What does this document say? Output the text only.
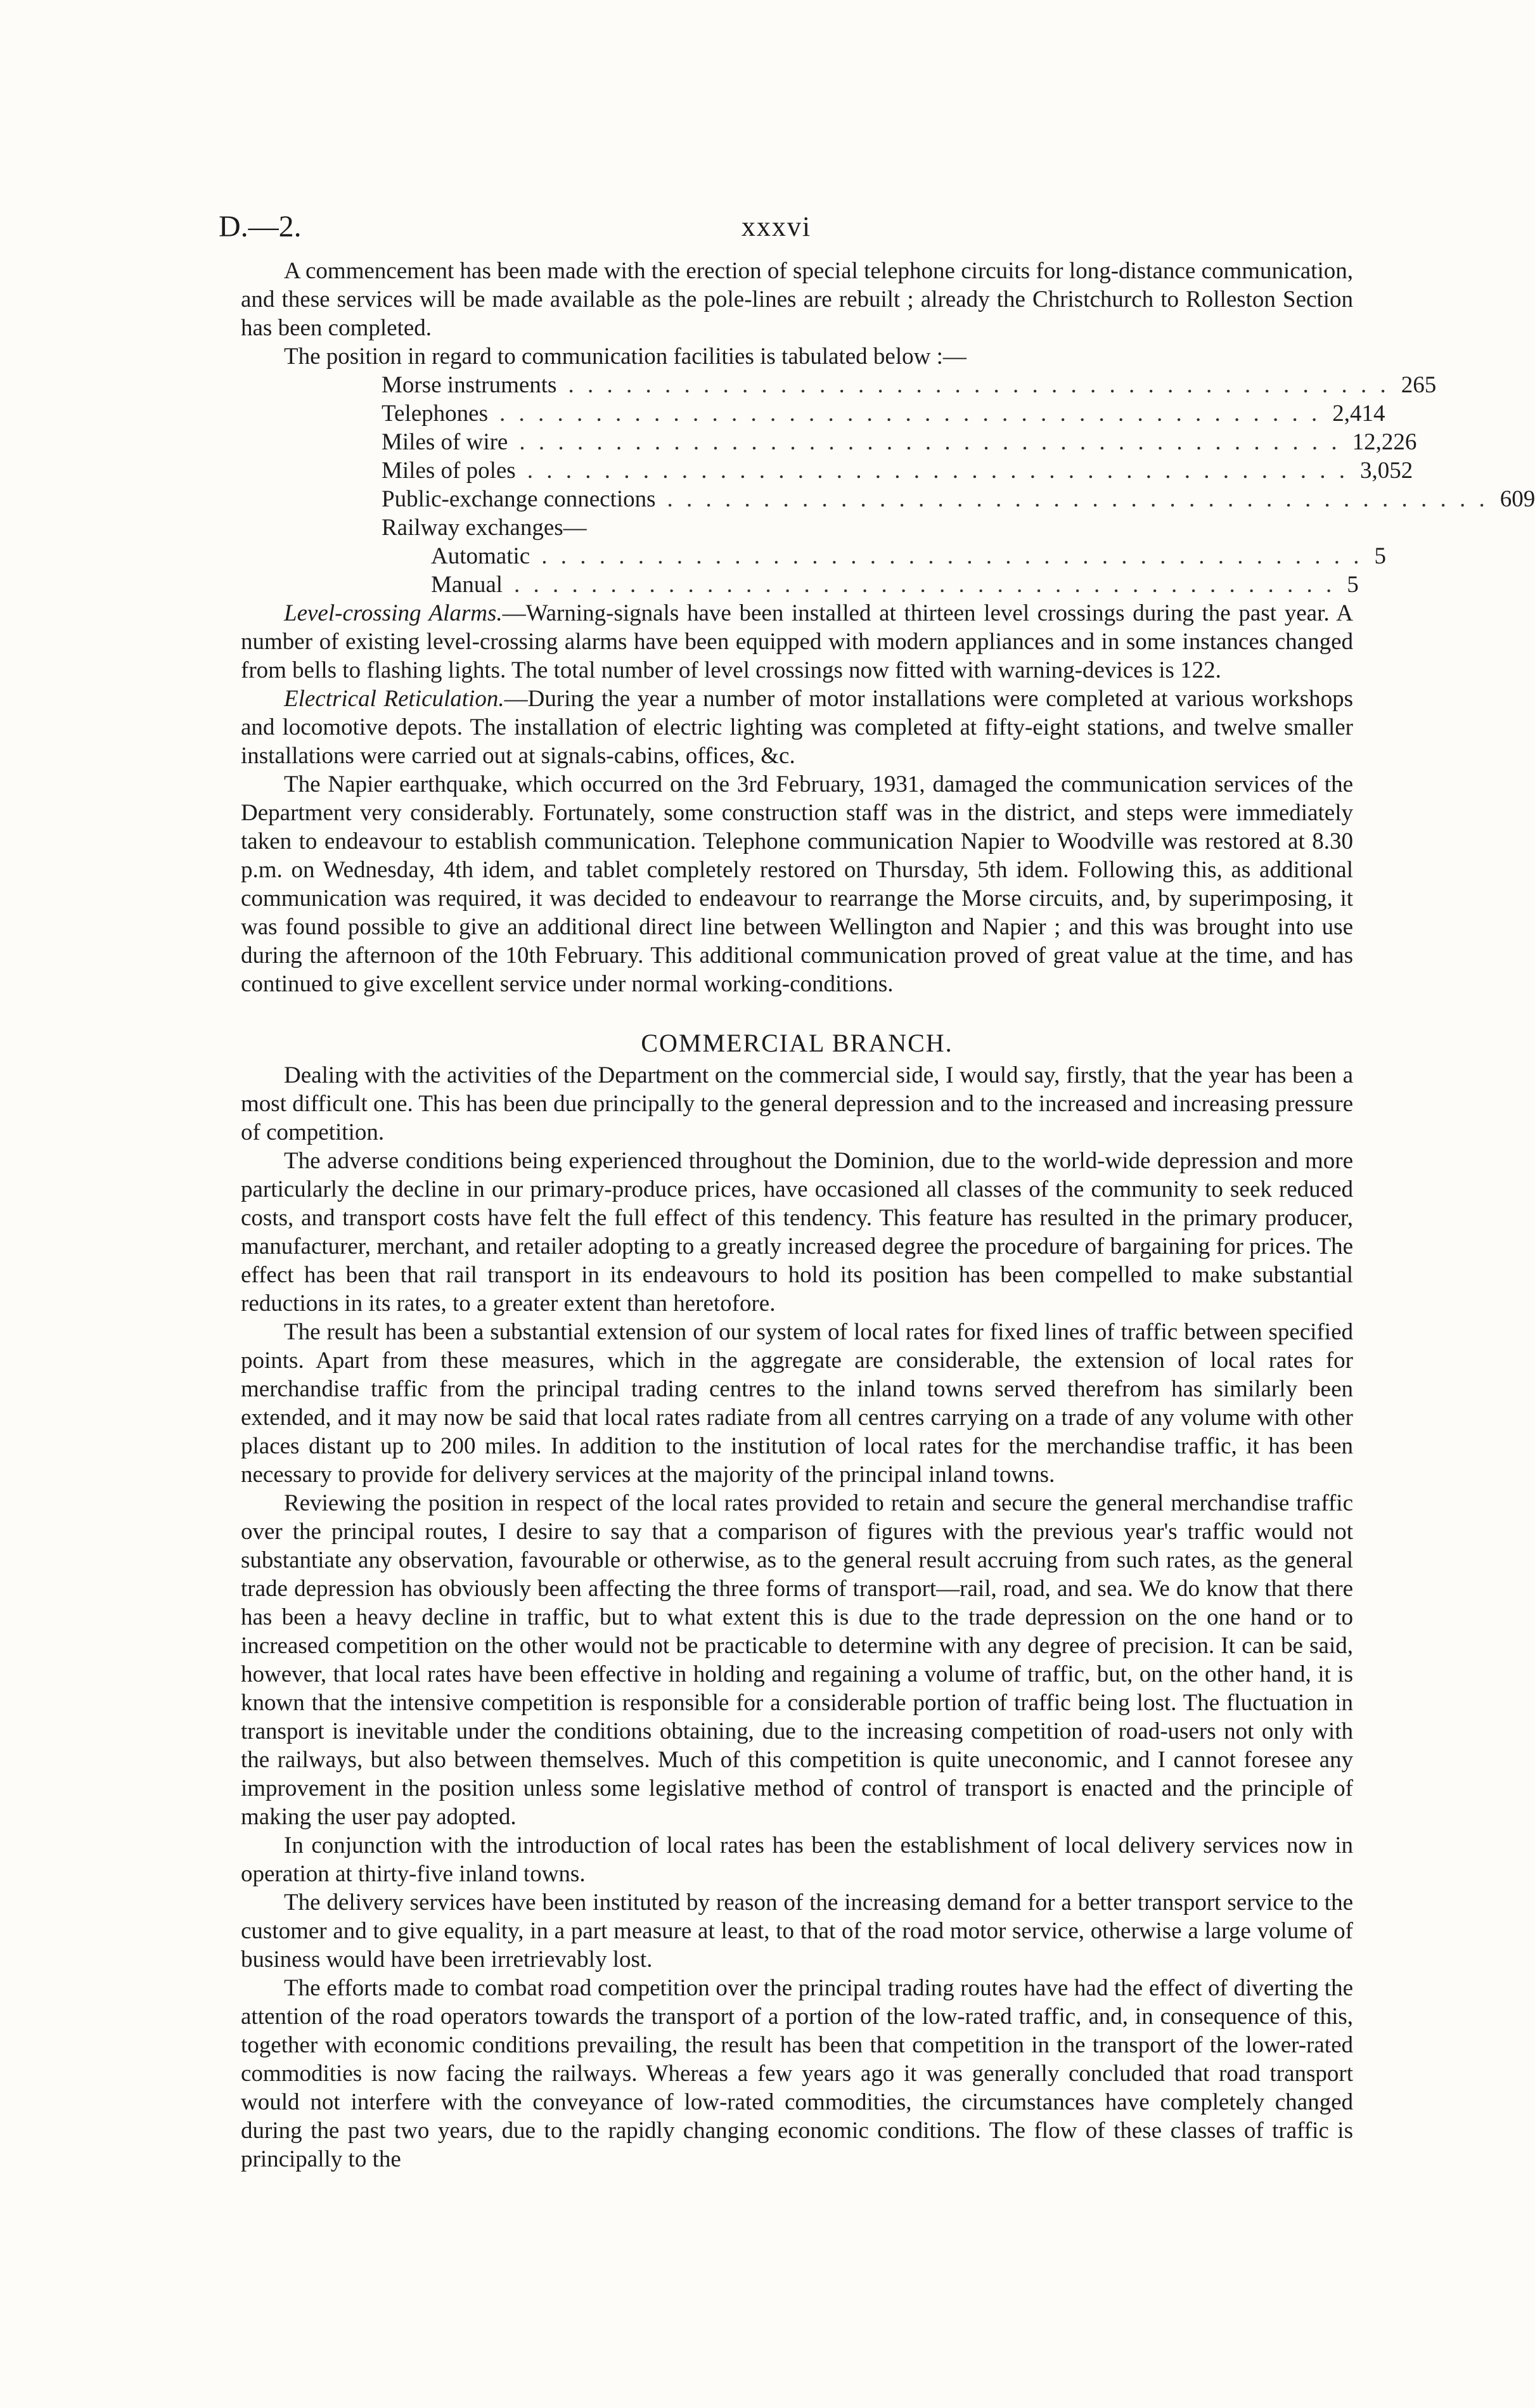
D.—2.	xxxvi

A commencement has been made with the erection of special telephone circuits for long-distance communication, and these services will be made available as the pole-lines are rebuilt ; already the Christchurch to Rolleston Section has been completed.

The position in regard to communication facilities is tabulated below :—

Morse instruments . . . . . . . . . . . . . . . . . . . . . . . . . . . . . . . . . . . . . . . . . . . 265
Telephones . . . . . . . . . . . . . . . . . . . . . . . . . . . . . . . . . . . . . . . . . . . 2,414
Miles of wire . . . . . . . . . . . . . . . . . . . . . . . . . . . . . . . . . . . . . . . . . . . 12,226
Miles of poles . . . . . . . . . . . . . . . . . . . . . . . . . . . . . . . . . . . . . . . . . . . 3,052
Public-exchange connections . . . . . . . . . . . . . . . . . . . . . . . . . . . . . . . . . . . . . . . . . . . 609
Railway exchanges—
Automatic . . . . . . . . . . . . . . . . . . . . . . . . . . . . . . . . . . . . . . . . . . . 5
Manual . . . . . . . . . . . . . . . . . . . . . . . . . . . . . . . . . . . . . . . . . . . 5

Level-crossing Alarms.—Warning-signals have been installed at thirteen level crossings during the past year. A number of existing level-crossing alarms have been equipped with modern appliances and in some instances changed from bells to flashing lights. The total number of level crossings now fitted with warning-devices is 122.

Electrical Reticulation.—During the year a number of motor installations were completed at various workshops and locomotive depots. The installation of electric lighting was completed at fifty-eight stations, and twelve smaller installations were carried out at signals-cabins, offices, &c.

The Napier earthquake, which occurred on the 3rd February, 1931, damaged the communication services of the Department very considerably. Fortunately, some construction staff was in the district, and steps were immediately taken to endeavour to establish communication. Telephone communication Napier to Woodville was restored at 8.30 p.m. on Wednesday, 4th idem, and tablet completely restored on Thursday, 5th idem. Following this, as additional communication was required, it was decided to endeavour to rearrange the Morse circuits, and, by superimposing, it was found possible to give an additional direct line between Wellington and Napier ; and this was brought into use during the afternoon of the 10th February. This additional communication proved of great value at the time, and has continued to give excellent service under normal working-conditions.

COMMERCIAL BRANCH.

Dealing with the activities of the Department on the commercial side, I would say, firstly, that the year has been a most difficult one. This has been due principally to the general depression and to the increased and increasing pressure of competition.

The adverse conditions being experienced throughout the Dominion, due to the world-wide depression and more particularly the decline in our primary-produce prices, have occasioned all classes of the community to seek reduced costs, and transport costs have felt the full effect of this tendency. This feature has resulted in the primary producer, manufacturer, merchant, and retailer adopting to a greatly increased degree the procedure of bargaining for prices. The effect has been that rail transport in its endeavours to hold its position has been compelled to make substantial reductions in its rates, to a greater extent than heretofore.

The result has been a substantial extension of our system of local rates for fixed lines of traffic between specified points. Apart from these measures, which in the aggregate are considerable, the extension of local rates for merchandise traffic from the principal trading centres to the inland towns served therefrom has similarly been extended, and it may now be said that local rates radiate from all centres carrying on a trade of any volume with other places distant up to 200 miles. In addition to the institution of local rates for the merchandise traffic, it has been necessary to provide for delivery services at the majority of the principal inland towns.

Reviewing the position in respect of the local rates provided to retain and secure the general merchandise traffic over the principal routes, I desire to say that a comparison of figures with the previous year's traffic would not substantiate any observation, favourable or otherwise, as to the general result accruing from such rates, as the general trade depression has obviously been affecting the three forms of transport—rail, road, and sea. We do know that there has been a heavy decline in traffic, but to what extent this is due to the trade depression on the one hand or to increased competition on the other would not be practicable to determine with any degree of precision. It can be said, however, that local rates have been effective in holding and regaining a volume of traffic, but, on the other hand, it is known that the intensive competition is responsible for a considerable portion of traffic being lost. The fluctuation in transport is inevitable under the conditions obtaining, due to the increasing competition of road-users not only with the railways, but also between themselves. Much of this competition is quite uneconomic, and I cannot foresee any improvement in the position unless some legislative method of control of transport is enacted and the principle of making the user pay adopted.

In conjunction with the introduction of local rates has been the establishment of local delivery services now in operation at thirty-five inland towns.

The delivery services have been instituted by reason of the increasing demand for a better transport service to the customer and to give equality, in a part measure at least, to that of the road motor service, otherwise a large volume of business would have been irretrievably lost.

The efforts made to combat road competition over the principal trading routes have had the effect of diverting the attention of the road operators towards the transport of a portion of the low-rated traffic, and, in consequence of this, together with economic conditions prevailing, the result has been that competition in the transport of the lower-rated commodities is now facing the railways. Whereas a few years ago it was generally concluded that road transport would not interfere with the conveyance of low-rated commodities, the circumstances have completely changed during the past two years, due to the rapidly changing economic conditions. The flow of these classes of traffic is principally to the
